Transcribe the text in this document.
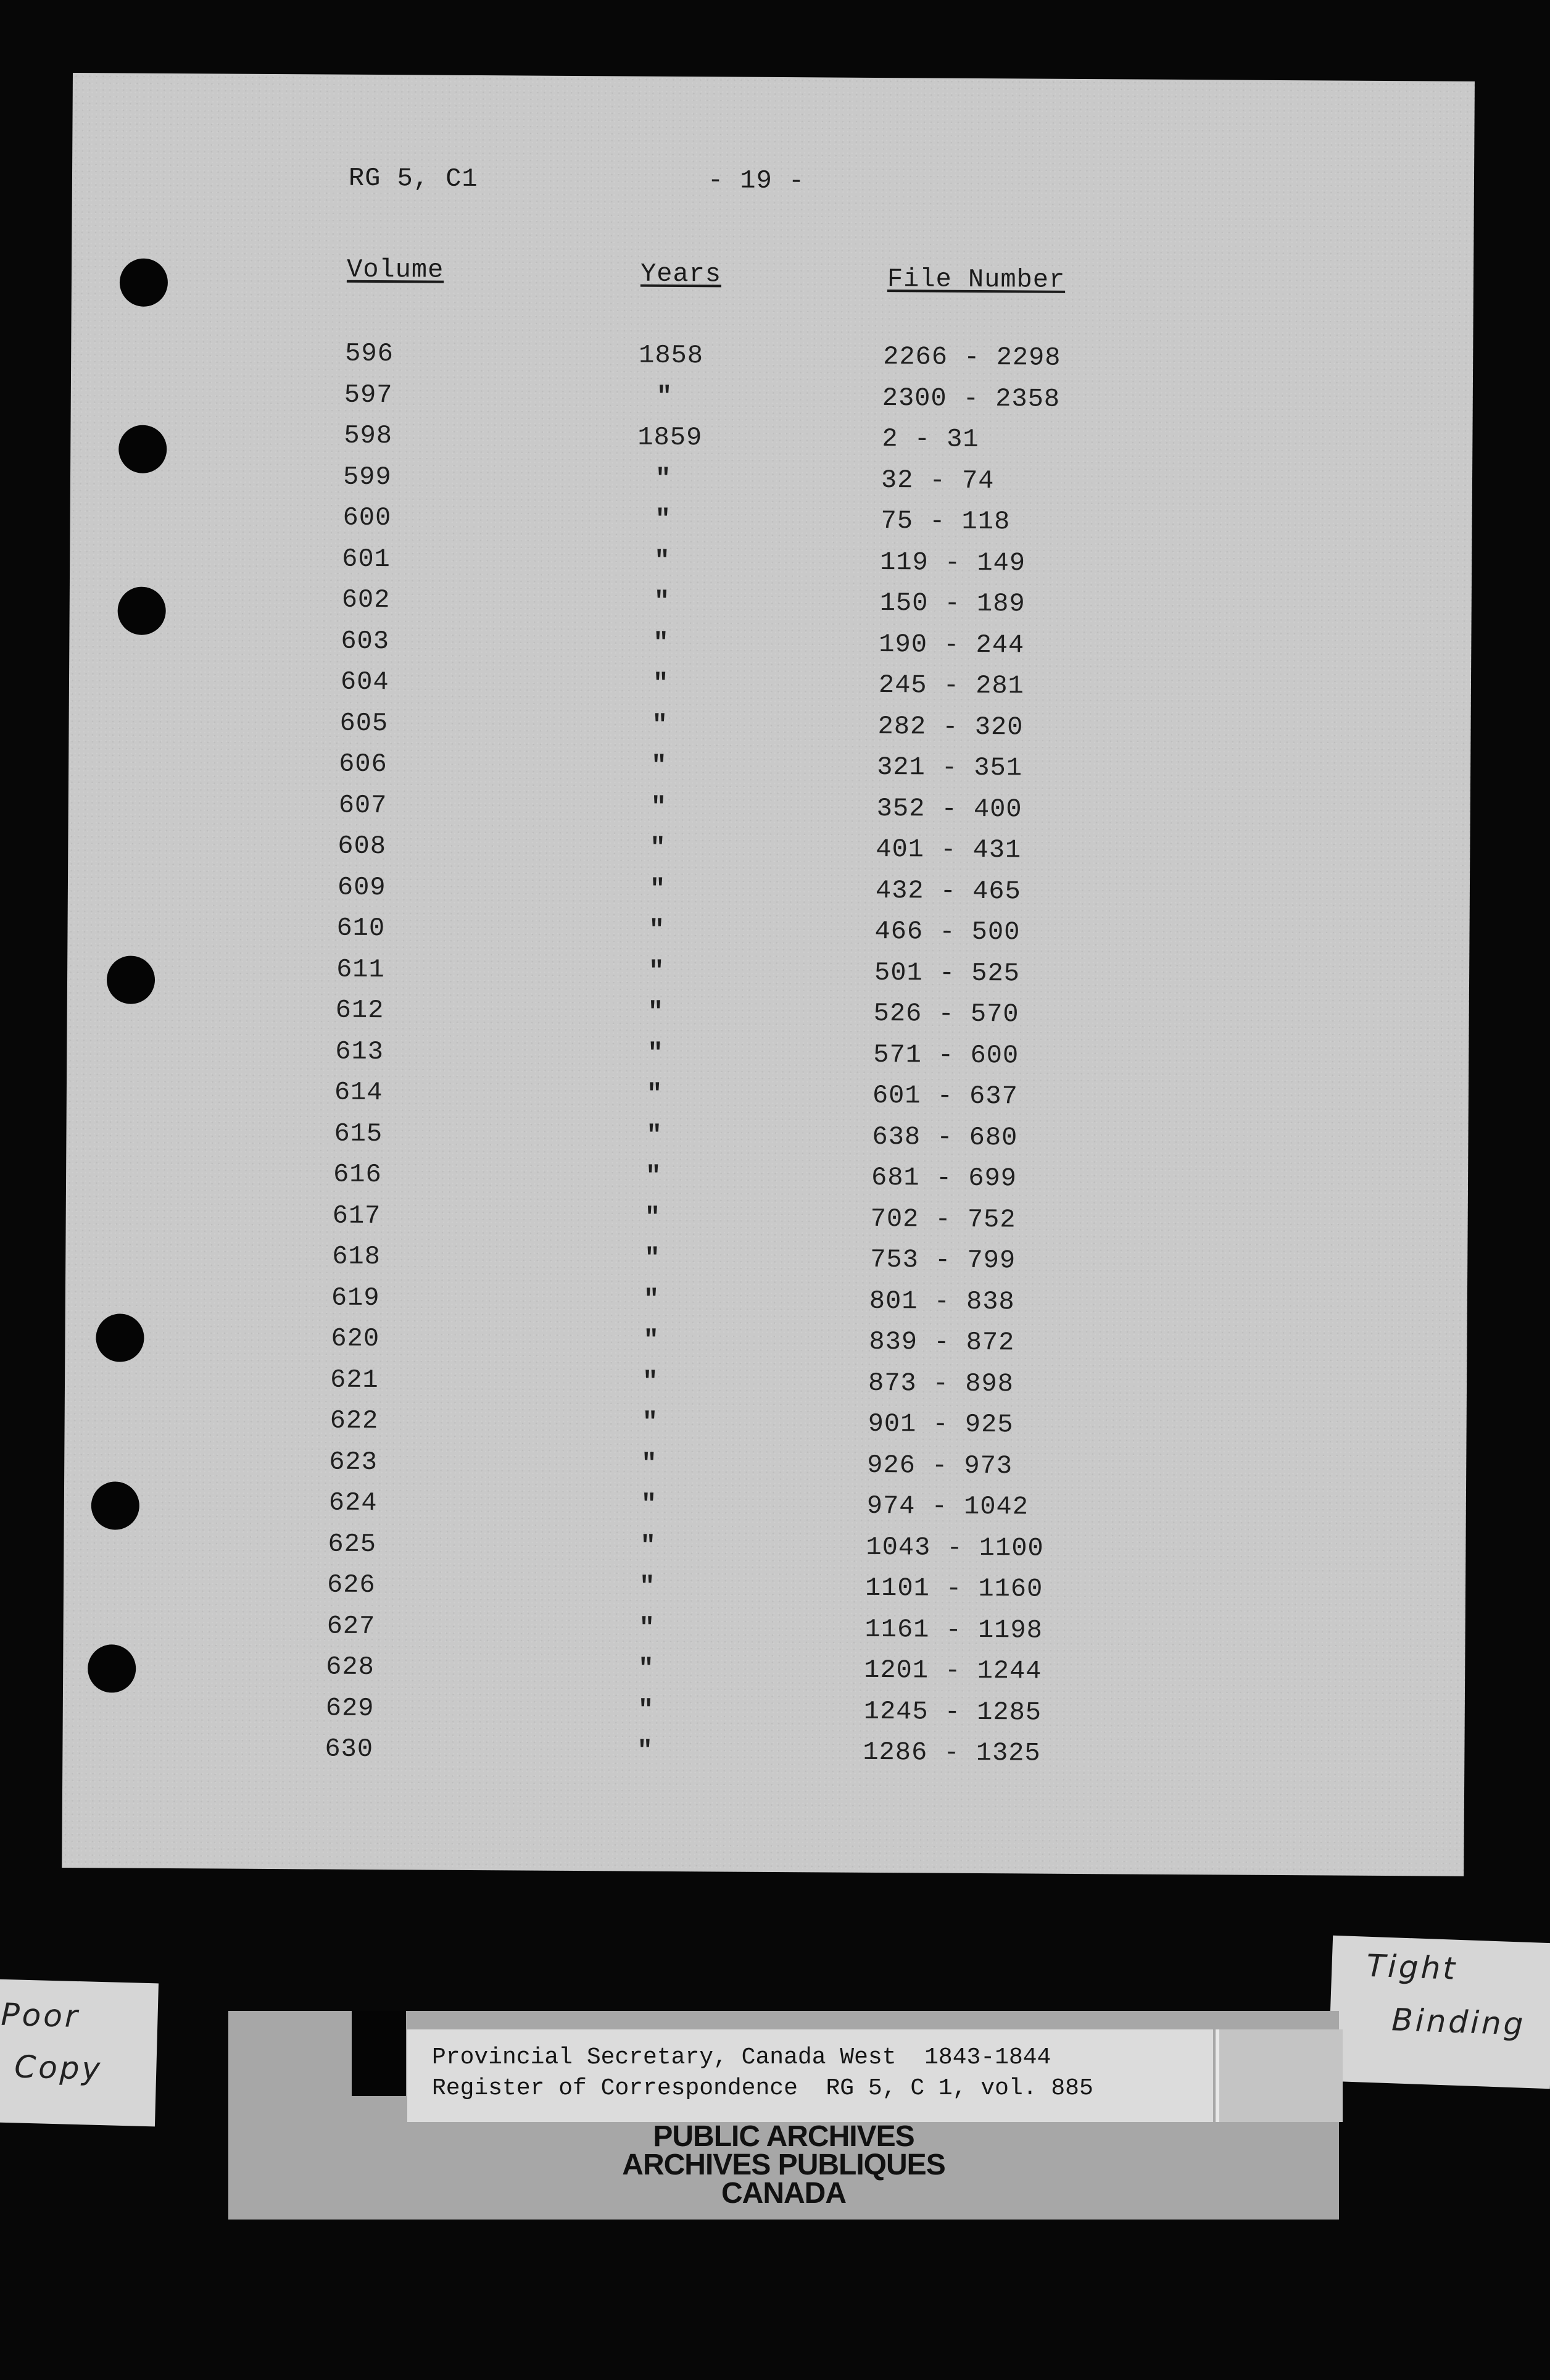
RG 5, C1	- 19 -
Volume	Years	File Number
596	1858	2266 - 2298
597	"	2300 - 2358
598	1859	2 - 31
599	"	32 - 74
600	"	75 - 118
601	"	119 - 149
602	"	150 - 189
603	"	190 - 244
604	"	245 - 281
605	"	282 - 320
606	"	321 - 351
607	"	352 - 400
608	"	401 - 431
609	"	432 - 465
610	"	466 - 500
611	"	501 - 525
612	"	526 - 570
613	"	571 - 600
614	"	601 - 637
615	"	638 - 680
616	"	681 - 699
617	"	702 - 752
618	"	753 - 799
619	"	801 - 838
620	"	839 - 872
621	"	873 - 898
622	"	901 - 925
623	"	926 - 973
624	"	974 - 1042
625	"	1043 - 1100
626	"	1101 - 1160
627	"	1161 - 1198
628	"	1201 - 1244
629	"	1245 - 1285
630	"	1286 - 1325
Poor
Copy
Tight
Binding
Provincial Secretary, Canada West  1843-1844
Register of Correspondence  RG 5, C 1, vol. 885
PUBLIC ARCHIVES
ARCHIVES PUBLIQUES
CANADA
